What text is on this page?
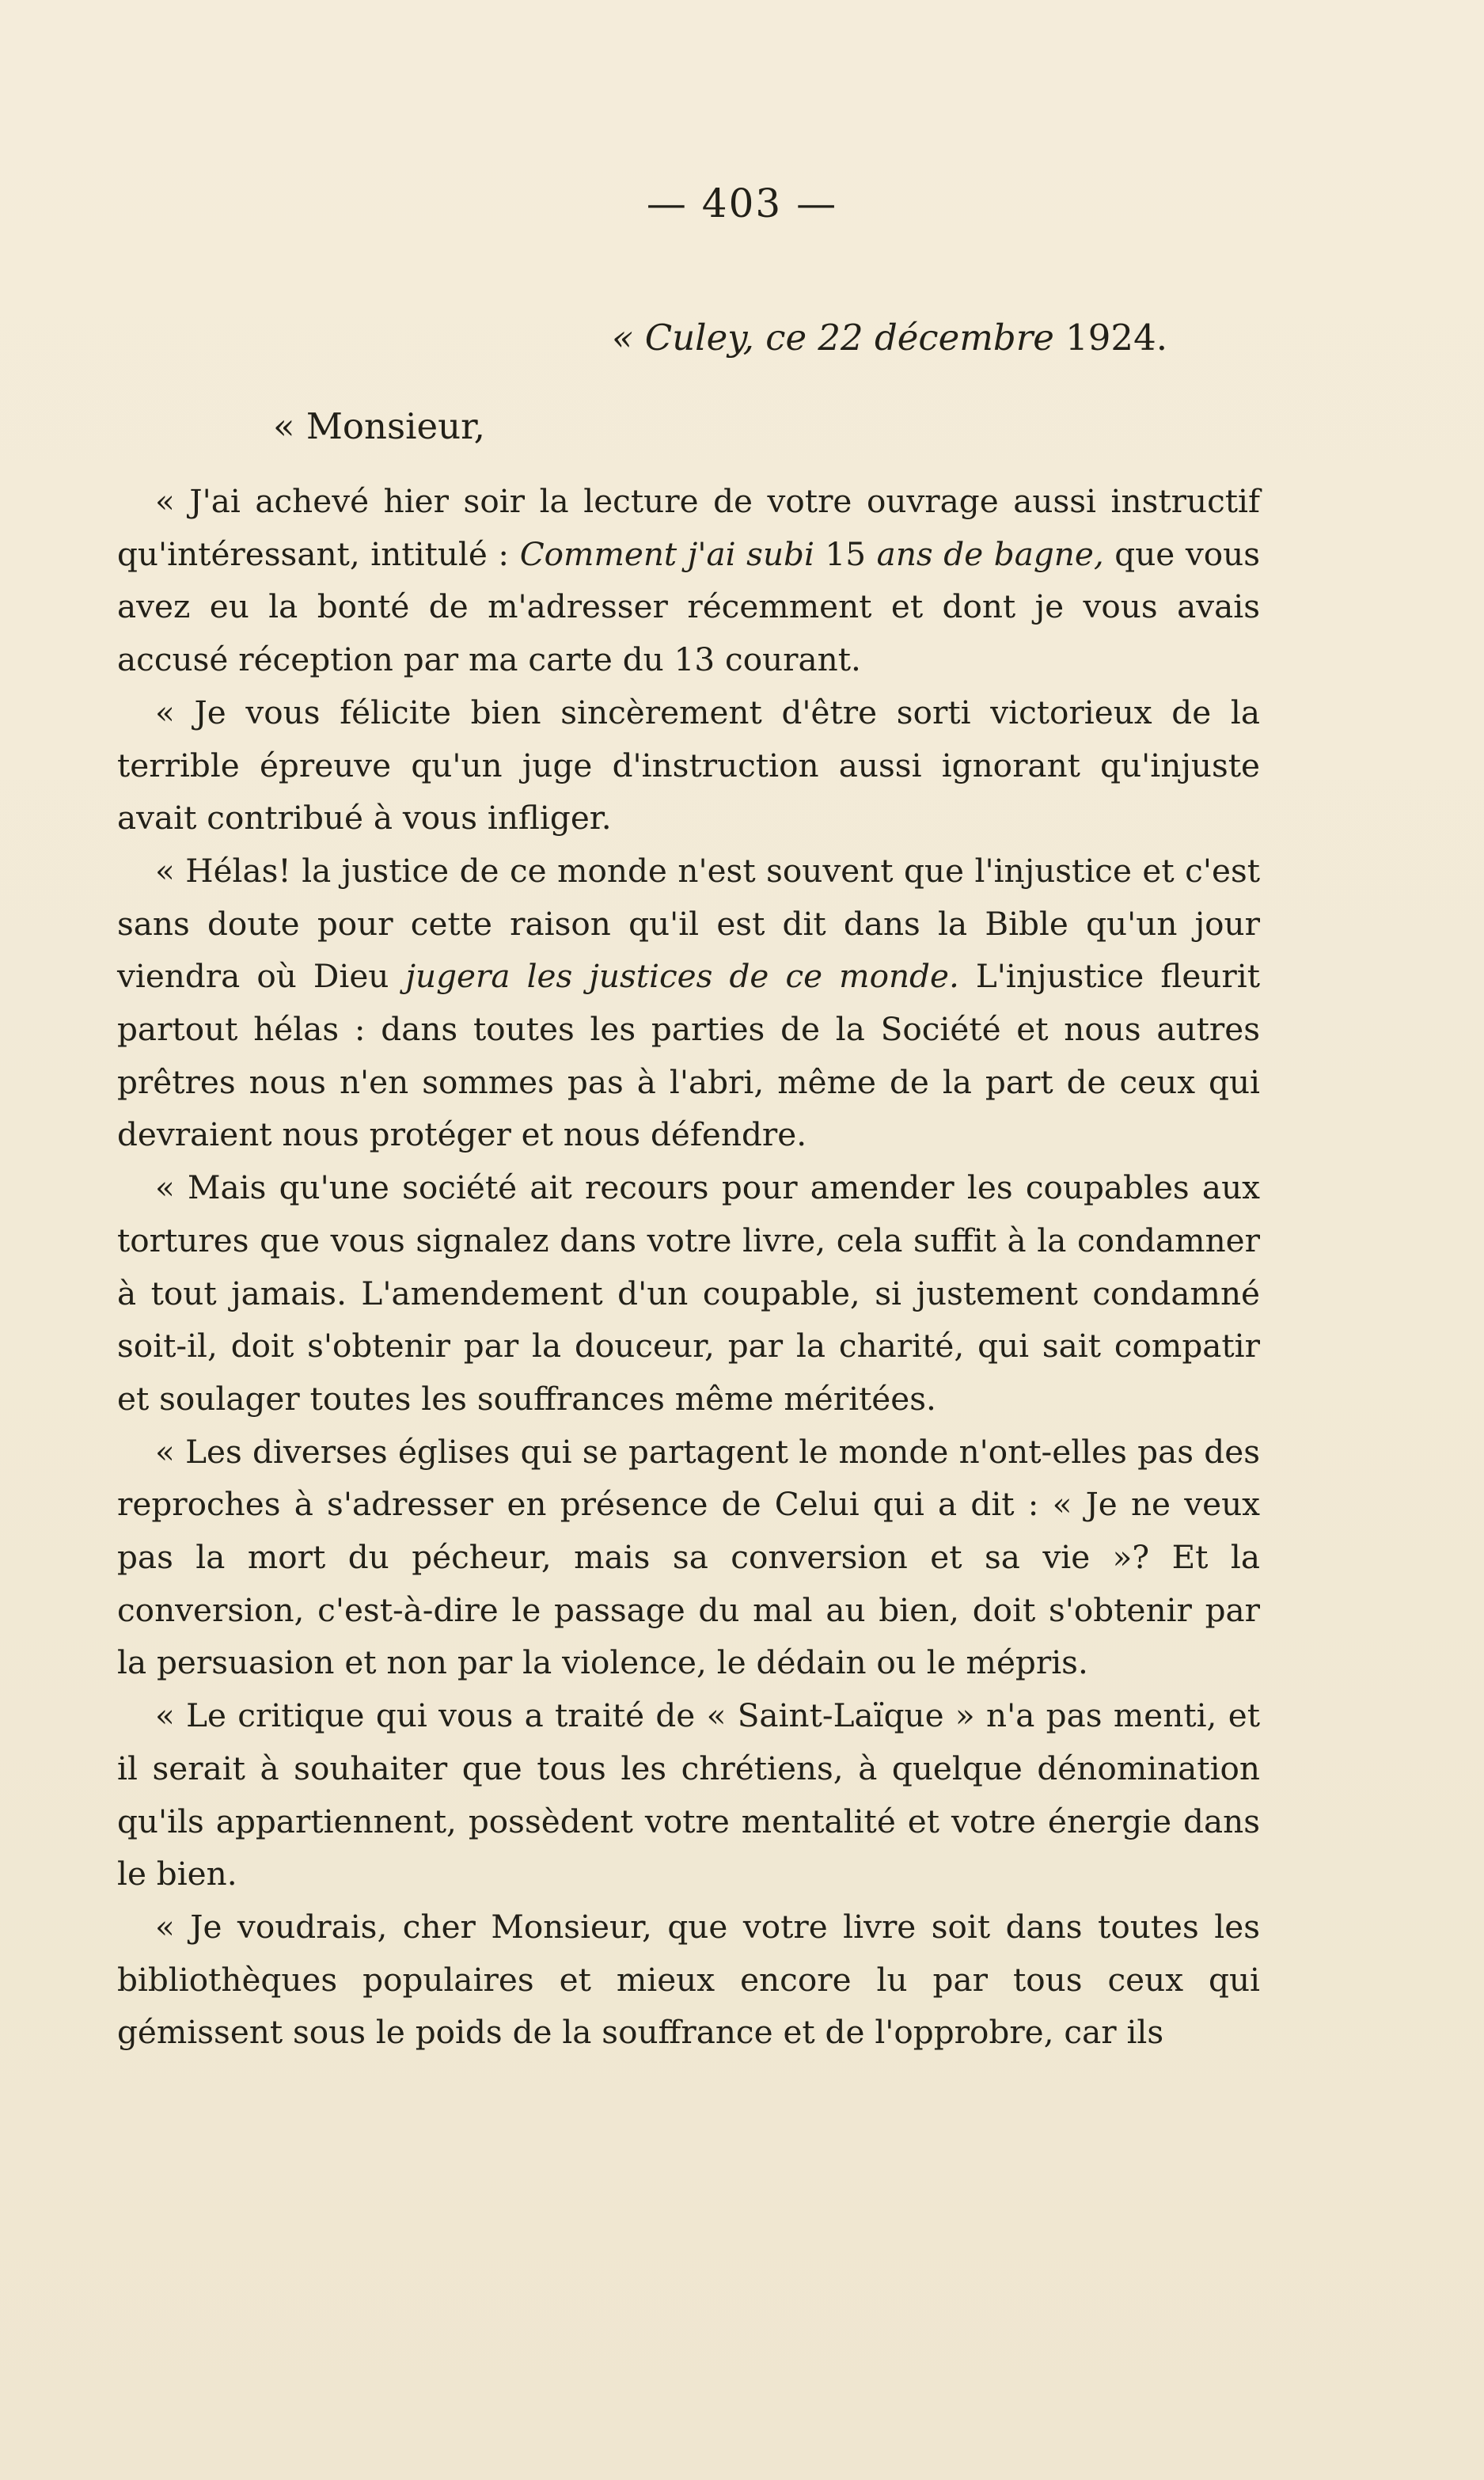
— 403 —
« Culey, ce 22 décembre 1924.
« Monsieur,

« J'ai achevé hier soir la lecture de votre ouvrage aussi instructif qu'intéressant, intitulé : Comment j'ai subi 15 ans de bagne, que vous avez eu la bonté de m'adresser récemment et dont je vous avais accusé réception par ma carte du 13 courant.

« Je vous félicite bien sincèrement d'être sorti victorieux de la terrible épreuve qu'un juge d'instruction aussi ignorant qu'injuste avait contribué à vous infliger.

« Hélas! la justice de ce monde n'est souvent que l'injustice et c'est sans doute pour cette raison qu'il est dit dans la Bible qu'un jour viendra où Dieu jugera les justices de ce monde. L'injustice fleurit partout hélas : dans toutes les parties de la Société et nous autres prêtres nous n'en sommes pas à l'abri, même de la part de ceux qui devraient nous protéger et nous défendre.

« Mais qu'une société ait recours pour amender les coupables aux tortures que vous signalez dans votre livre, cela suffit à la condamner à tout jamais. L'amendement d'un coupable, si justement condamné soit-il, doit s'obtenir par la douceur, par la charité, qui sait compatir et soulager toutes les souffrances même méritées.

« Les diverses églises qui se partagent le monde n'ont-elles pas des reproches à s'adresser en présence de Celui qui a dit : « Je ne veux pas la mort du pécheur, mais sa conversion et sa vie »? Et la conversion, c'est-à-dire le passage du mal au bien, doit s'obtenir par la persuasion et non par la violence, le dédain ou le mépris.

« Le critique qui vous a traité de « Saint-Laïque » n'a pas menti, et il serait à souhaiter que tous les chrétiens, à quelque dénomination qu'ils appartiennent, possèdent votre mentalité et votre énergie dans le bien.

« Je voudrais, cher Monsieur, que votre livre soit dans toutes les bibliothèques populaires et mieux encore lu par tous ceux qui gémissent sous le poids de la souffrance et de l'opprobre, car ils
